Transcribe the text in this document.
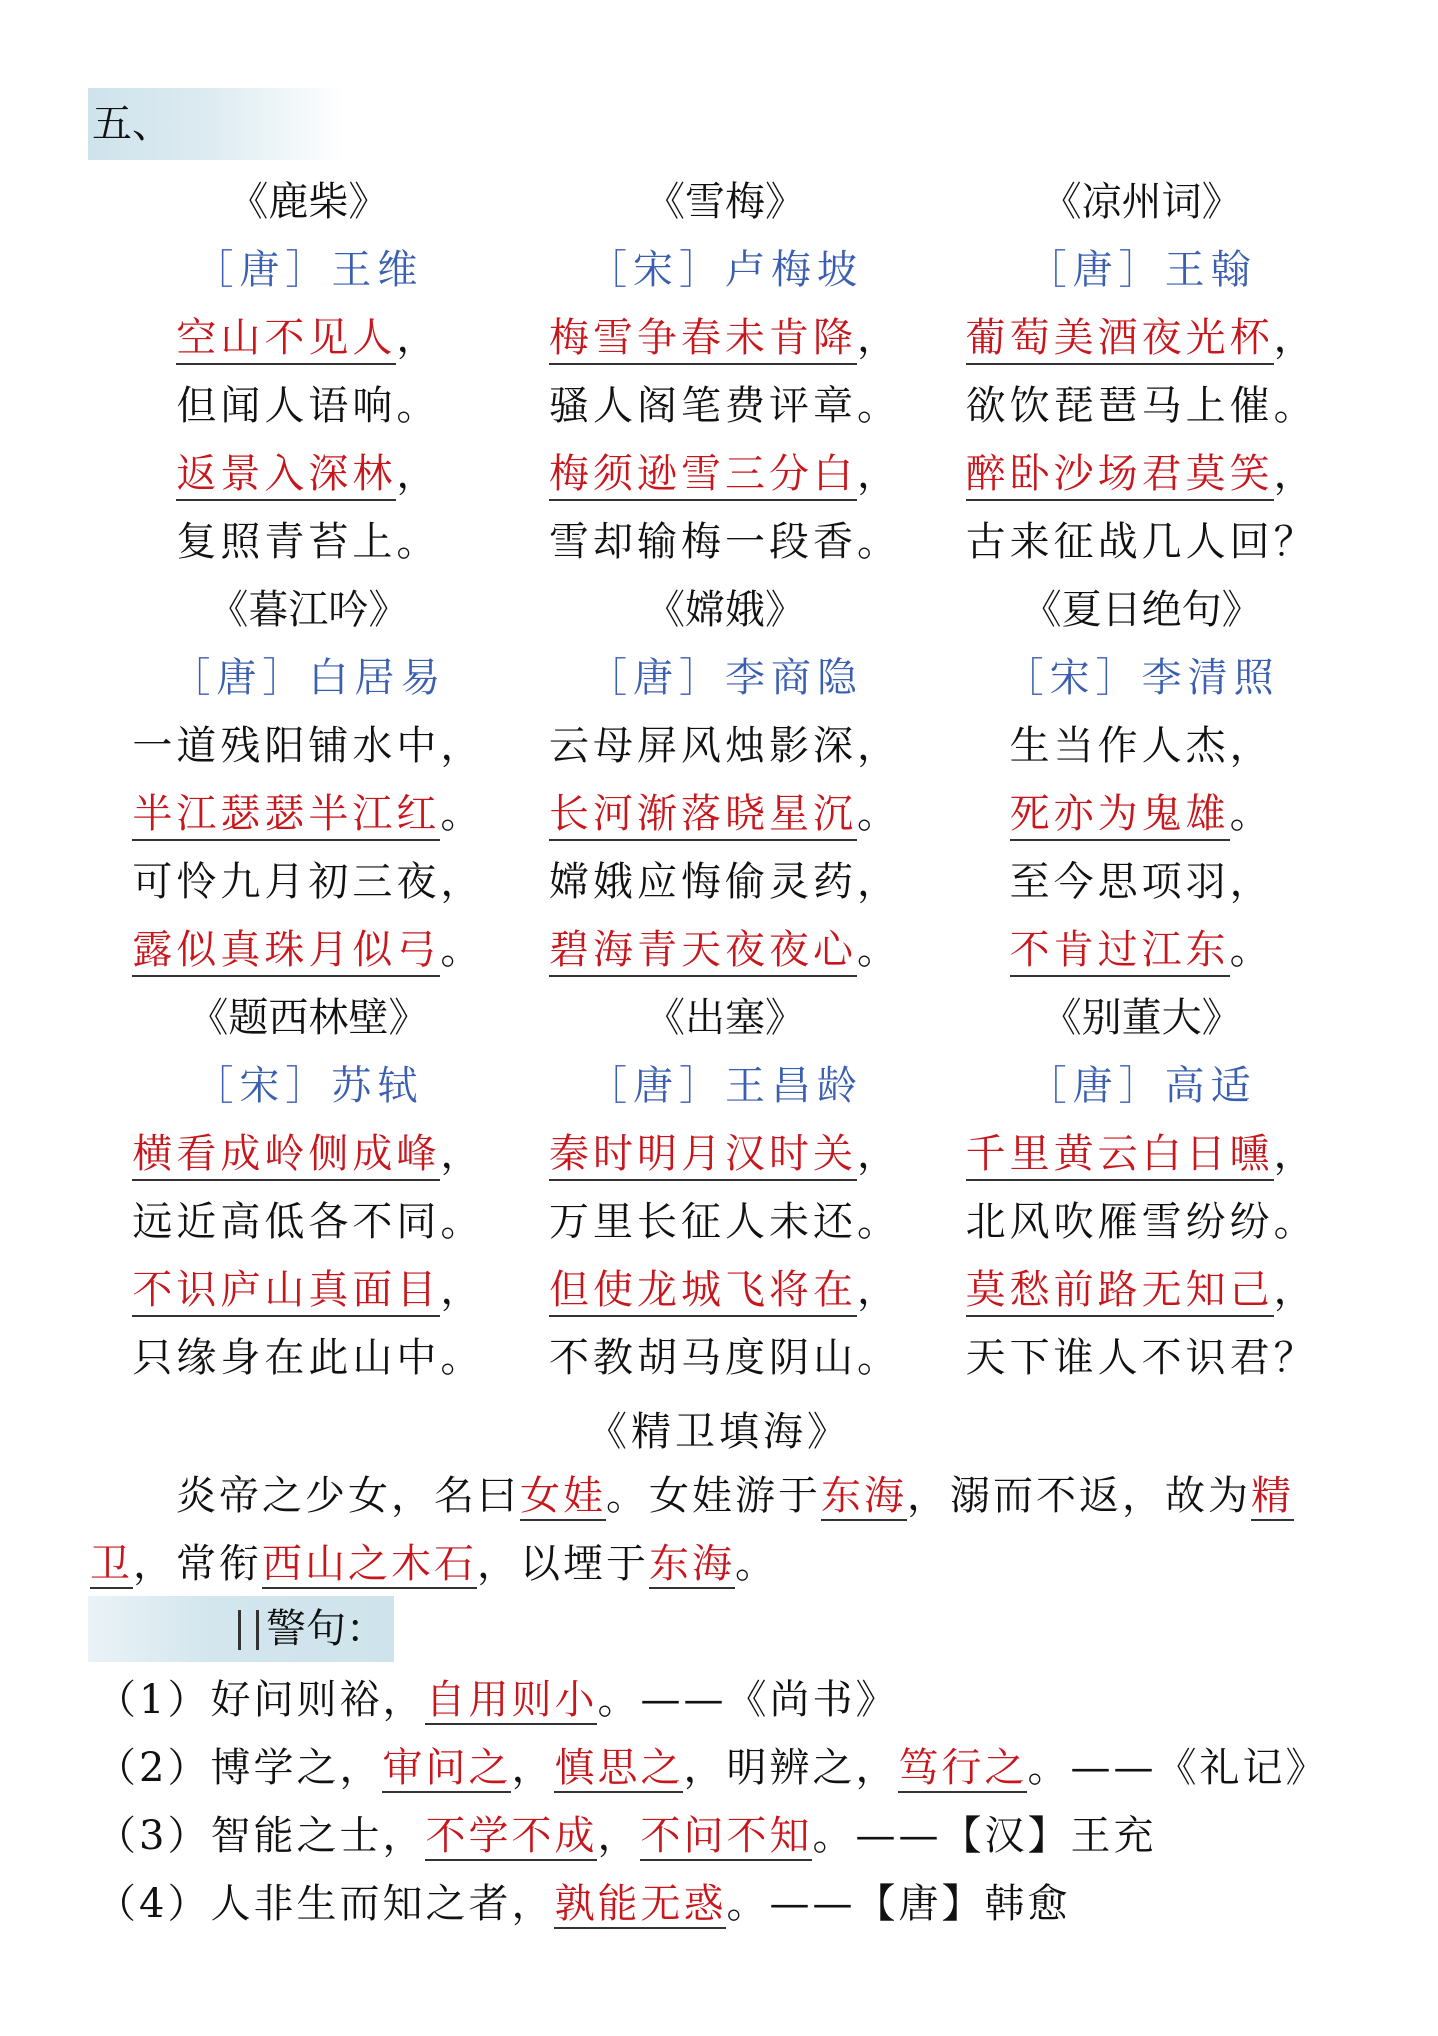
五、
《鹿柴》
［唐］王维
空山不见人，
但闻人语响。
返景入深林，
复照青苔上。
《雪梅》
［宋］卢梅坡
梅雪争春未肯降，
骚人阁笔费评章。
梅须逊雪三分白，
雪却输梅一段香。
《凉州词》
［唐］王翰
葡萄美酒夜光杯，
欲饮琵琶马上催。
醉卧沙场君莫笑，
古来征战几人回？
《暮江吟》
［唐］白居易
一道残阳铺水中，
半江瑟瑟半江红。
可怜九月初三夜，
露似真珠月似弓。
《嫦娥》
［唐］李商隐
云母屏风烛影深，
长河渐落晓星沉。
嫦娥应悔偷灵药，
碧海青天夜夜心。
《夏日绝句》
［宋］李清照
生当作人杰，
死亦为鬼雄。
至今思项羽，
不肯过江东。
《题西林壁》
［宋］苏轼
横看成岭侧成峰，
远近高低各不同。
不识庐山真面目，
只缘身在此山中。
《出塞》
［唐］王昌龄
秦时明月汉时关，
万里长征人未还。
但使龙城飞将在，
不教胡马度阴山。
《别董大》
［唐］高适
千里黄云白日曛，
北风吹雁雪纷纷。
莫愁前路无知己，
天下谁人不识君？
《精卫填海》
炎帝之少女，名曰女娃。女娃游于东海，溺而不返，故为精卫，常衔西山之木石，以堙于东海。
警句：
（1）好问则裕，自用则小。——《尚书》
（2）博学之，审问之，慎思之，明辨之，笃行之。——《礼记》
（3）智能之士，不学不成，不问不知。——【汉】王充
（4）人非生而知之者，孰能无惑。——【唐】韩愈
